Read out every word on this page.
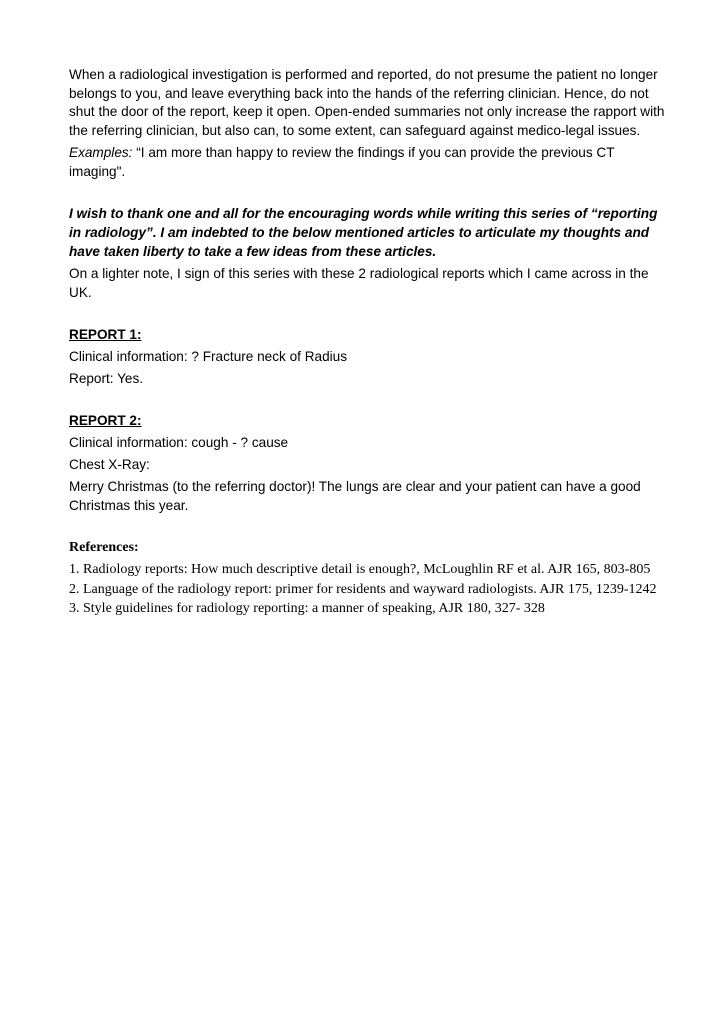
When a radiological investigation is performed and reported, do not presume the patient no longer belongs to you, and leave everything back into the hands of the referring clinician. Hence, do not shut the door of the report, keep it open. Open-ended summaries not only increase the rapport with the referring clinician, but also can, to some extent, can safeguard against medico-legal issues.

Examples: “I am more than happy to review the findings if you can provide the previous CT imaging".

I wish to thank one and all for the encouraging words while writing this series of “reporting in radiology”. I am indebted to the below mentioned articles to articulate my thoughts and have taken liberty to take a few ideas from these articles.

On a lighter note, I sign of this series with these 2 radiological reports which I came across in the UK.

REPORT 1:

Clinical information: ? Fracture neck of Radius

Report: Yes.

REPORT 2:

Clinical information: cough - ? cause

Chest X-Ray:

Merry Christmas (to the referring doctor)! The lungs are clear and your patient can have a good Christmas this year.

References:

1. Radiology reports: How much descriptive detail is enough?, McLoughlin RF et al. AJR 165, 803-805

2. Language of the radiology report: primer for residents and wayward radiologists. AJR 175, 1239-1242

3. Style guidelines for radiology reporting: a manner of speaking, AJR 180, 327- 328
